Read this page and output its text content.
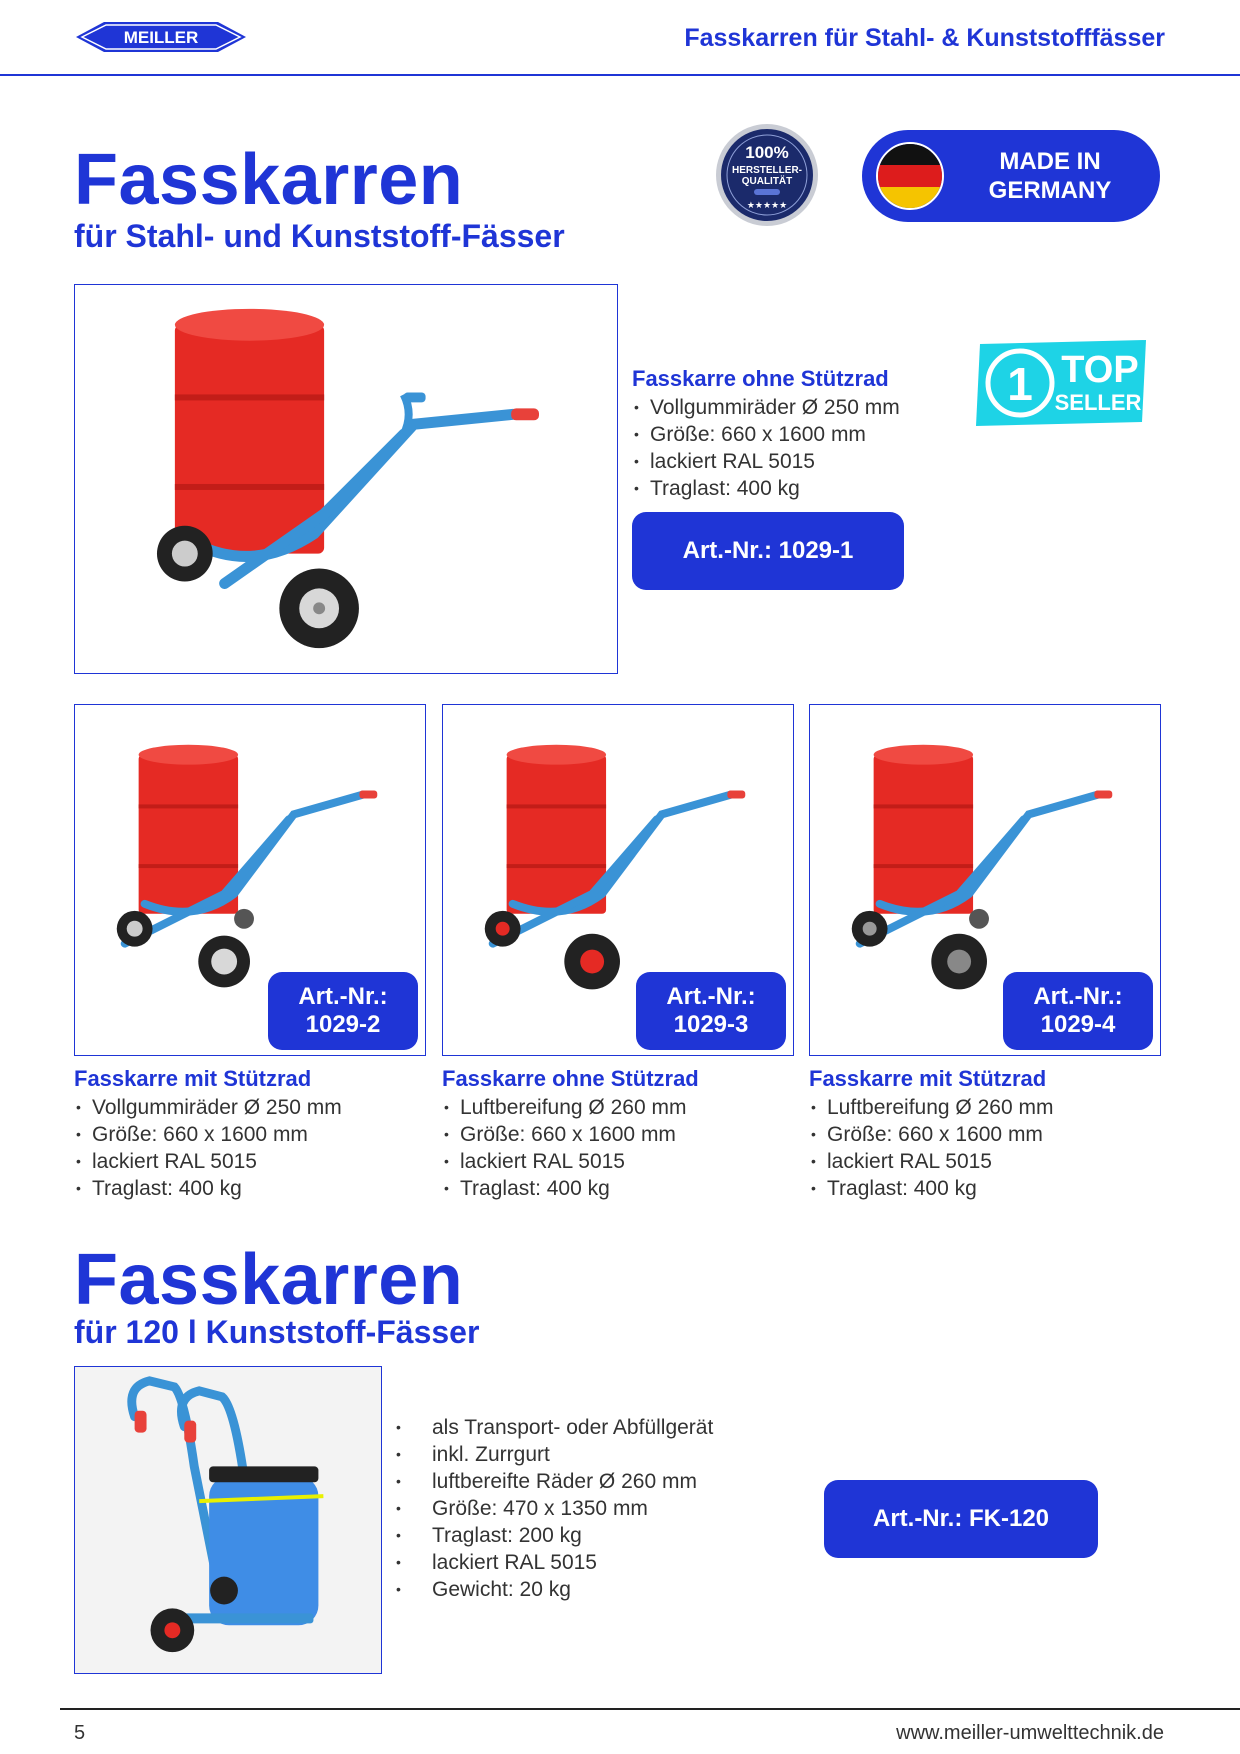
MEILLER	Fasskarren für Stahl- & Kunststofffässer
Fasskarren
für Stahl- und Kunststoff-Fässer
100%
HERSTELLER-
QUALITÄT
★★★★★
MADE IN
GERMANY
Fasskarre ohne Stützrad
• Vollgummiräder Ø 250 mm
• Größe: 660 x 1600 mm
• lackiert RAL 5015
• Traglast: 400 kg
Art.-Nr.: 1029-1
1 TOP
SELLER
Art.-Nr.:
1029-2
Art.-Nr.:
1029-3
Art.-Nr.:
1029-4
Fasskarre mit Stützrad
• Vollgummiräder Ø 250 mm
• Größe: 660 x 1600 mm
• lackiert RAL 5015
• Traglast: 400 kg
Fasskarre ohne Stützrad
• Luftbereifung Ø 260 mm
• Größe: 660 x 1600 mm
• lackiert RAL 5015
• Traglast: 400 kg
Fasskarre mit Stützrad
• Luftbereifung Ø 260 mm
• Größe: 660 x 1600 mm
• lackiert RAL 5015
• Traglast: 400 kg
Fasskarren
für 120 l Kunststoff-Fässer
• als Transport- oder Abfüllgerät
• inkl. Zurrgurt
• luftbereifte Räder Ø 260 mm
• Größe: 470 x 1350 mm
• Traglast: 200 kg
• lackiert RAL 5015
• Gewicht: 20 kg
Art.-Nr.: FK-120
5	www.meiller-umwelttechnik.de
